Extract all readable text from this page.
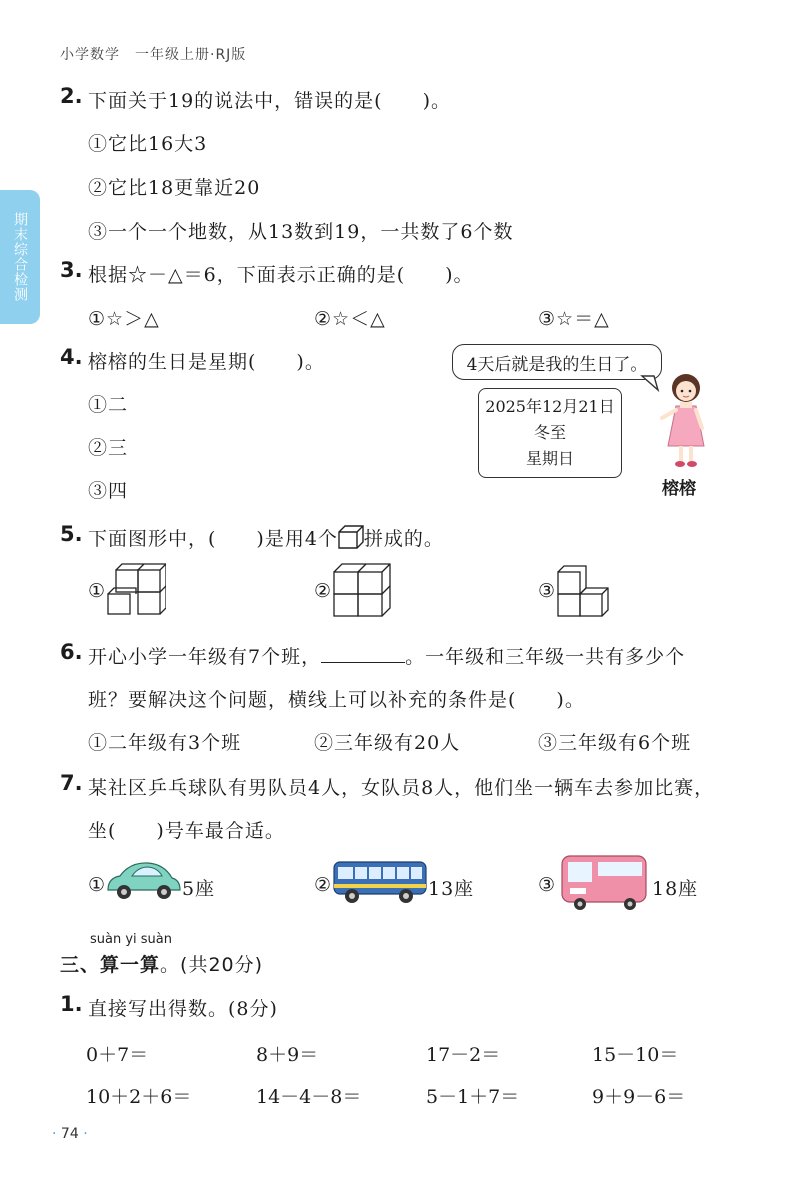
小学数学　一年级上册·RJ版
期末综合检测
2. 下面关于19的说法中，错误的是(　　)。
①它比16大3
②它比18更靠近20
③一个一个地数，从13数到19，一共数了6个数
3. 根据☆－△＝6，下面表示正确的是(　　)。
①☆＞△	②☆＜△	③☆＝△
4. 榕榕的生日是星期(　　)。
①二
②三
③四
4天后就是我的生日了。
2025年12月21日
冬至
星期日
榕榕
5. 下面图形中，(　　)是用4个 拼成的。
①	②	③
6. 开心小学一年级有7个班，	。一年级和三年级一共有多少个
班？要解决这个问题，横线上可以补充的条件是(　　)。
①二年级有3个班	②三年级有20人	③三年级有6个班
7. 某社区乒乓球队有男队员4人，女队员8人，他们坐一辆车去参加比赛，
坐(　　)号车最合适。
①	5座	②	13座	③	18座
suàn yi suàn
三、算一算。(共20分)
1. 直接写出得数。(8分)
0＋7＝	8＋9＝	17－2＝	15－10＝
10＋2＋6＝	14－4－8＝	5－1＋7＝	9＋9－6＝
· 74 ·
